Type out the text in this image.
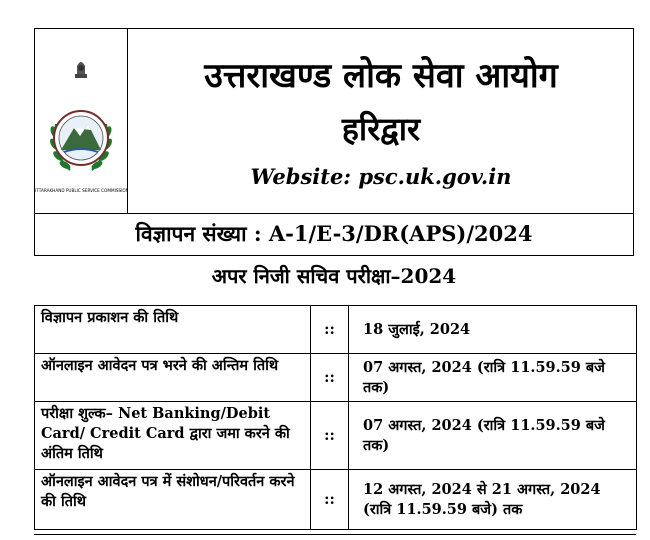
UTTARAKHAND PUBLIC SERVICE COMMISSION
उत्तराखण्ड लोक सेवा आयोग
हरिद्वार
Website: psc.uk.gov.in
विज्ञापन संख्या : A-1/E-3/DR(APS)/2024
अपर निजी सचिव परीक्षा–2024
विज्ञापन प्रकाशन की तिथि	::	18 जुलाई, 2024
ऑनलाइन आवेदन पत्र भरने की अन्तिम तिथि	::	07 अगस्त, 2024 (रात्रि 11.59.59 बजे तक)
परीक्षा शुल्क– Net Banking/Debit Card/ Credit Card द्वारा जमा करने की अंतिम तिथि	::	07 अगस्त, 2024 (रात्रि 11.59.59 बजे तक)
ऑनलाइन आवेदन पत्र में संशोधन/परिवर्तन करने की तिथि	::	12 अगस्त, 2024 से 21 अगस्त, 2024 (रात्रि 11.59.59 बजे) तक
